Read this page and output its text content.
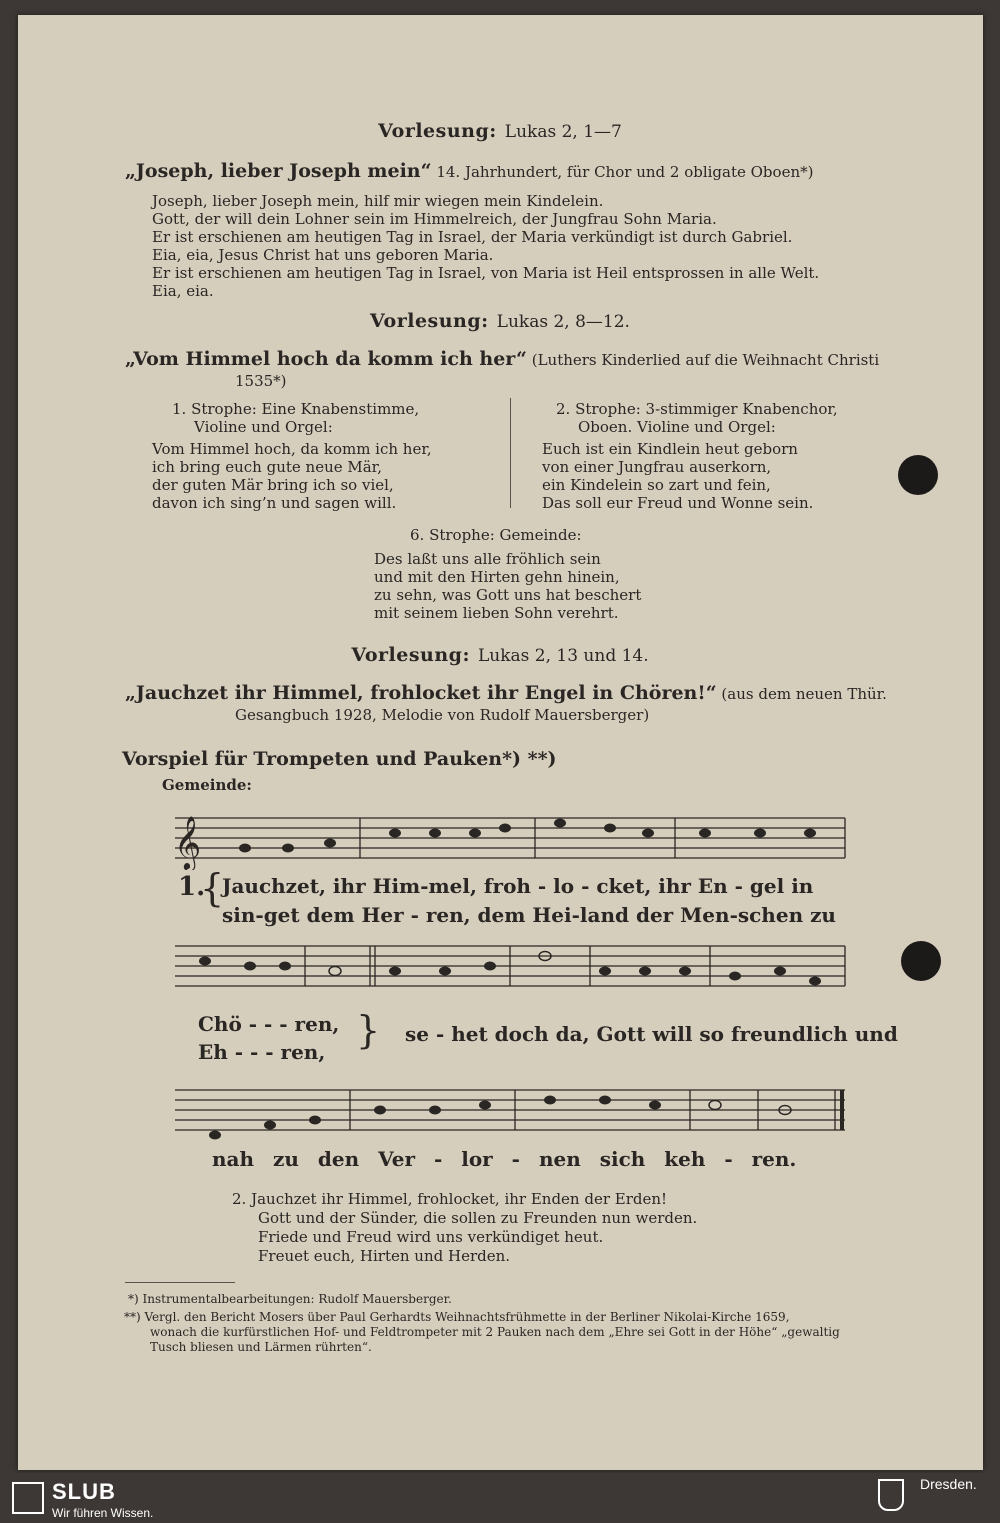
Vorlesung: Lukas 2, 1—7
„Joseph, lieber Joseph mein“ 14. Jahrhundert, für Chor und 2 obligate Oboen*)
Joseph, lieber Joseph mein, hilf mir wiegen mein Kindelein.
Gott, der will dein Lohner sein im Himmelreich, der Jungfrau Sohn Maria.
Er ist erschienen am heutigen Tag in Israel, der Maria verkündigt ist durch Gabriel.
Eia, eia, Jesus Christ hat uns geboren Maria.
Er ist erschienen am heutigen Tag in Israel, von Maria ist Heil entsprossen in alle Welt.
Eia, eia.
Vorlesung: Lukas 2, 8—12.
„Vom Himmel hoch da komm ich her“ (Luthers Kinderlied auf die Weihnacht Christi
1535*)
1. Strophe: Eine Knabenstimme,
Violine und Orgel:
Vom Himmel hoch, da komm ich her,
ich bring euch gute neue Mär,
der guten Mär bring ich so viel,
davon ich sing’n und sagen will.
2. Strophe: 3-stimmiger Knabenchor,
Oboen. Violine und Orgel:
Euch ist ein Kindlein heut geborn
von einer Jungfrau auserkorn,
ein Kindelein so zart und fein,
Das soll eur Freud und Wonne sein.
6. Strophe: Gemeinde:
Des laßt uns alle fröhlich sein
und mit den Hirten gehn hinein,
zu sehn, was Gott uns hat beschert
mit seinem lieben Sohn verehrt.
Vorlesung: Lukas 2, 13 und 14.
„Jauchzet ihr Himmel, frohlocket ihr Engel in Chören!“ (aus dem neuen Thür.
Gesangbuch 1928, Melodie von Rudolf Mauersberger)
Vorspiel für Trompeten und Pauken*) **)
Gemeinde:
𝄞
1.
{
Jauchzet, ihr Him-mel, froh - lo - cket, ihr En - gel in
sin-get dem Her - ren, dem Hei-land der Men-schen zu
Chö - - - ren,
Eh - - - ren, } se - het doch da, Gott will so freundlich und
nah zu den Ver - lor - nen sich keh - ren.
2. Jauchzet ihr Himmel, frohlocket, ihr Enden der Erden!
Gott und der Sünder, die sollen zu Freunden nun werden.
Friede und Freud wird uns verkündiget heut.
Freuet euch, Hirten und Herden.
*) Instrumentalbearbeitungen: Rudolf Mauersberger.
**) Vergl. den Bericht Mosers über Paul Gerhardts Weihnachtsfrühmette in der Berliner Nikolai-Kirche 1659,
wonach die kurfürstlichen Hof- und Feldtrompeter mit 2 Pauken nach dem „Ehre sei Gott in der Höhe“ „gewaltig
Tusch bliesen und Lärmen rührten“.
SLUB
Wir führen Wissen.
Dresden.
